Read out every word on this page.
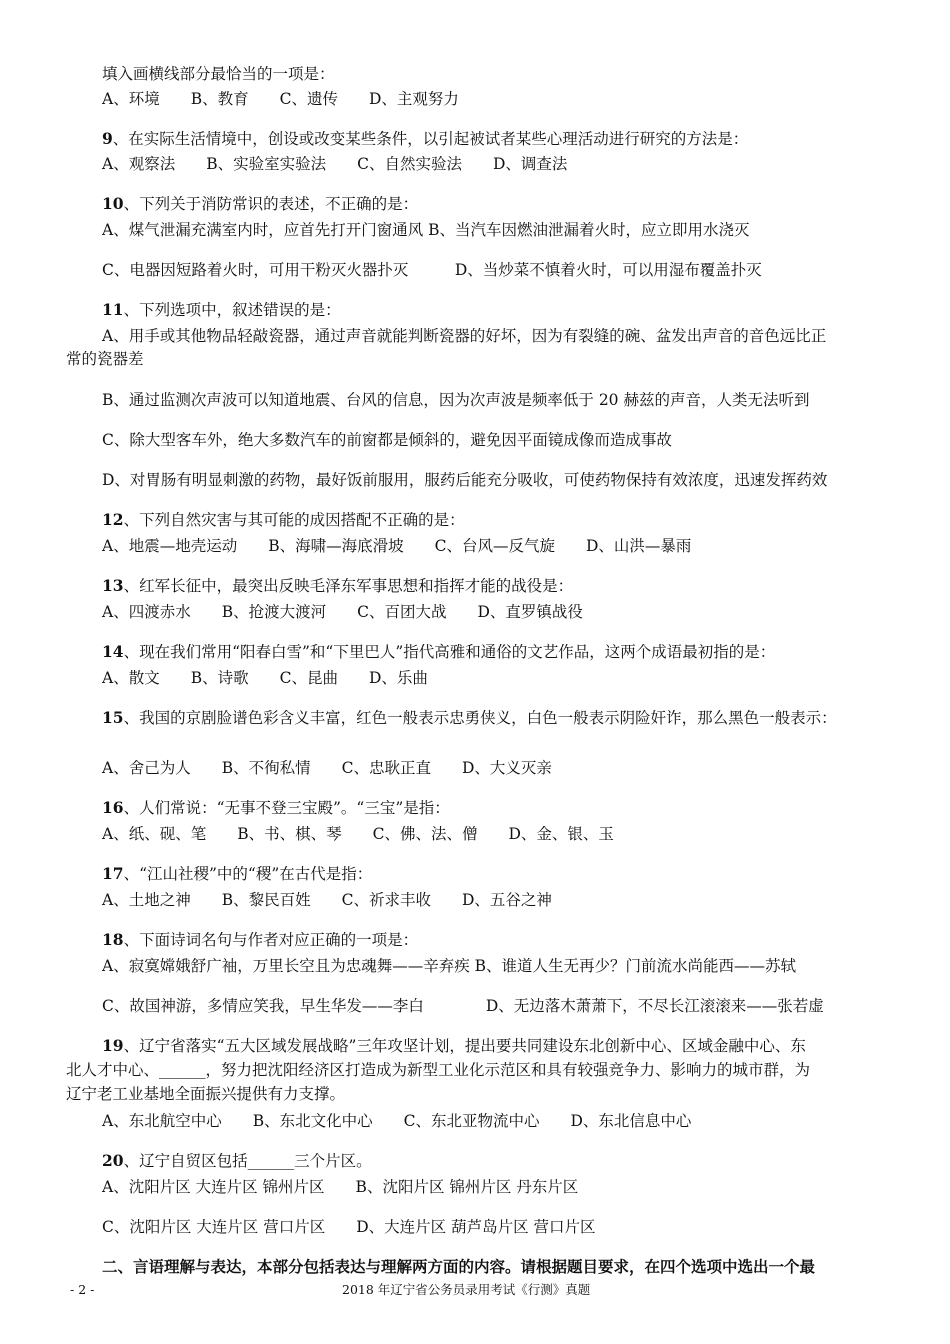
填入画横线部分最恰当的一项是：
A、环境　　B、教育　　C、遗传　　D、主观努力
9、在实际生活情境中，创设或改变某些条件，以引起被试者某些心理活动进行研究的方法是：
A、观察法　　B、实验室实验法　　C、自然实验法　　D、调查法
10、下列关于消防常识的表述，不正确的是：
A、煤气泄漏充满室内时，应首先打开门窗通风 B、当汽车因燃油泄漏着火时，应立即用水浇灭
C、电器因短路着火时，可用干粉灭火器扑灭　　　D、当炒菜不慎着火时，可以用湿布覆盖扑灭
11、下列选项中，叙述错误的是：
A、用手或其他物品轻敲瓷器，通过声音就能判断瓷器的好坏，因为有裂缝的碗、盆发出声音的音色远比正
常的瓷器差
B、通过监测次声波可以知道地震、台风的信息，因为次声波是频率低于 20 赫兹的声音，人类无法听到
C、除大型客车外，绝大多数汽车的前窗都是倾斜的，避免因平面镜成像而造成事故
D、对胃肠有明显刺激的药物，最好饭前服用，服药后能充分吸收，可使药物保持有效浓度，迅速发挥药效
12、下列自然灾害与其可能的成因搭配不正确的是：
A、地震—地壳运动　　B、海啸—海底滑坡　　C、台风—反气旋　　D、山洪—暴雨
13、红军长征中，最突出反映毛泽东军事思想和指挥才能的战役是：
A、四渡赤水　　B、抢渡大渡河　　C、百团大战　　D、直罗镇战役
14、现在我们常用“阳春白雪”和“下里巴人”指代高雅和通俗的文艺作品，这两个成语最初指的是：
A、散文　　B、诗歌　　C、昆曲　　D、乐曲
15、我国的京剧脸谱色彩含义丰富，红色一般表示忠勇侠义，白色一般表示阴险奸诈，那么黑色一般表示：
A、舍己为人　　B、不徇私情　　C、忠耿正直　　D、大义灭亲
16、人们常说：“无事不登三宝殿”。“三宝”是指：
A、纸、砚、笔　　B、书、棋、琴　　C、佛、法、僧　　D、金、银、玉
17、“江山社稷”中的“稷”在古代是指：
A、土地之神　　B、黎民百姓　　C、祈求丰收　　D、五谷之神
18、下面诗词名句与作者对应正确的一项是：
A、寂寞嫦娥舒广袖，万里长空且为忠魂舞——辛弃疾 B、谁道人生无再少？门前流水尚能西——苏轼
C、故国神游，多情应笑我，早生华发——李白　　　　D、无边落木萧萧下，不尽长江滚滚来——张若虚
19、辽宁省落实“五大区域发展战略”三年攻坚计划，提出要共同建设东北创新中心、区域金融中心、东
北人才中心、______，努力把沈阳经济区打造成为新型工业化示范区和具有较强竞争力、影响力的城市群，为
辽宁老工业基地全面振兴提供有力支撑。
A、东北航空中心　　B、东北文化中心　　C、东北亚物流中心　　D、东北信息中心
20、辽宁自贸区包括______三个片区。
A、沈阳片区 大连片区 锦州片区　　B、沈阳片区 锦州片区 丹东片区
C、沈阳片区 大连片区 营口片区　　D、大连片区 葫芦岛片区 营口片区
二、言语理解与表达，本部分包括表达与理解两方面的内容。请根据题目要求，在四个选项中选出一个最
- 2 -	2018 年辽宁省公务员录用考试《行测》真题
